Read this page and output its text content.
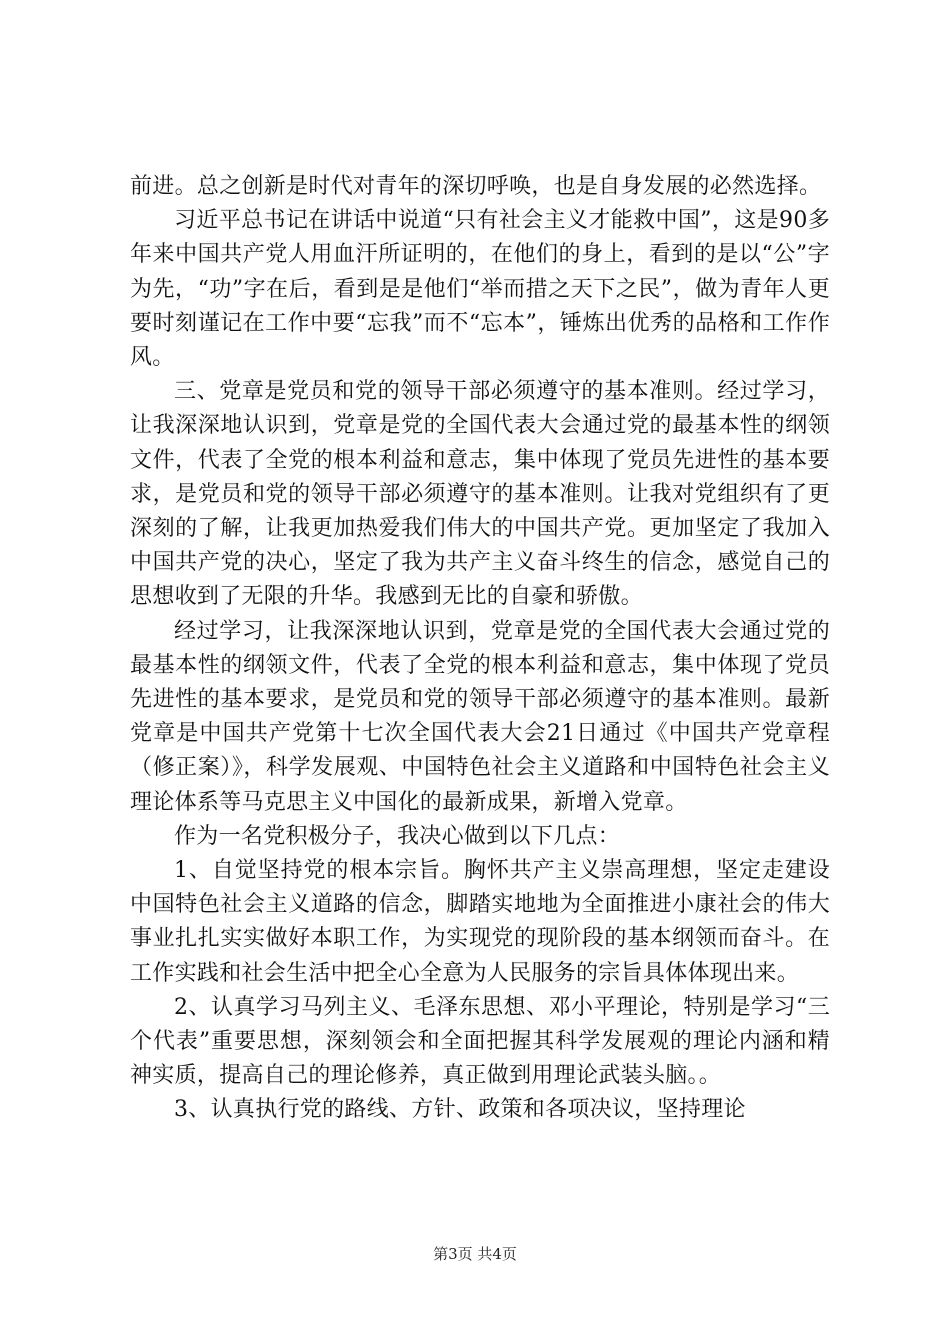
前进。总之创新是时代对青年的深切呼唤，也是自身发展的必然选择。

习近平总书记在讲话中说道“只有社会主义才能救中国”，这是90多年来中国共产党人用血汗所证明的，在他们的身上，看到的是以“公”字为先，“功”字在后，看到是是他们“举而措之天下之民”，做为青年人更要时刻谨记在工作中要“忘我”而不“忘本”，锤炼出优秀的品格和工作作风。

三、党章是党员和党的领导干部必须遵守的基本准则。经过学习，让我深深地认识到，党章是党的全国代表大会通过党的最基本性的纲领文件，代表了全党的根本利益和意志，集中体现了党员先进性的基本要求，是党员和党的领导干部必须遵守的基本准则。让我对党组织有了更深刻的了解，让我更加热爱我们伟大的中国共产党。更加坚定了我加入中国共产党的决心，坚定了我为共产主义奋斗终生的信念，感觉自己的思想收到了无限的升华。我感到无比的自豪和骄傲。

经过学习，让我深深地认识到，党章是党的全国代表大会通过党的最基本性的纲领文件，代表了全党的根本利益和意志，集中体现了党员先进性的基本要求，是党员和党的领导干部必须遵守的基本准则。最新党章是中国共产党第十七次全国代表大会21日通过《中国共产党章程（修正案）》，科学发展观、中国特色社会主义道路和中国特色社会主义理论体系等马克思主义中国化的最新成果，新增入党章。

作为一名党积极分子，我决心做到以下几点：

1、自觉坚持党的根本宗旨。胸怀共产主义崇高理想，坚定走建设中国特色社会主义道路的信念，脚踏实地地为全面推进小康社会的伟大事业扎扎实实做好本职工作，为实现党的现阶段的基本纲领而奋斗。在工作实践和社会生活中把全心全意为人民服务的宗旨具体体现出来。

2、认真学习马列主义、毛泽东思想、邓小平理论，特别是学习“三个代表”重要思想，深刻领会和全面把握其科学发展观的理论内涵和精神实质，提高自己的理论修养，真正做到用理论武装头脑。。

3、认真执行党的路线、方针、政策和各项决议，坚持理论

第3页 共4页
